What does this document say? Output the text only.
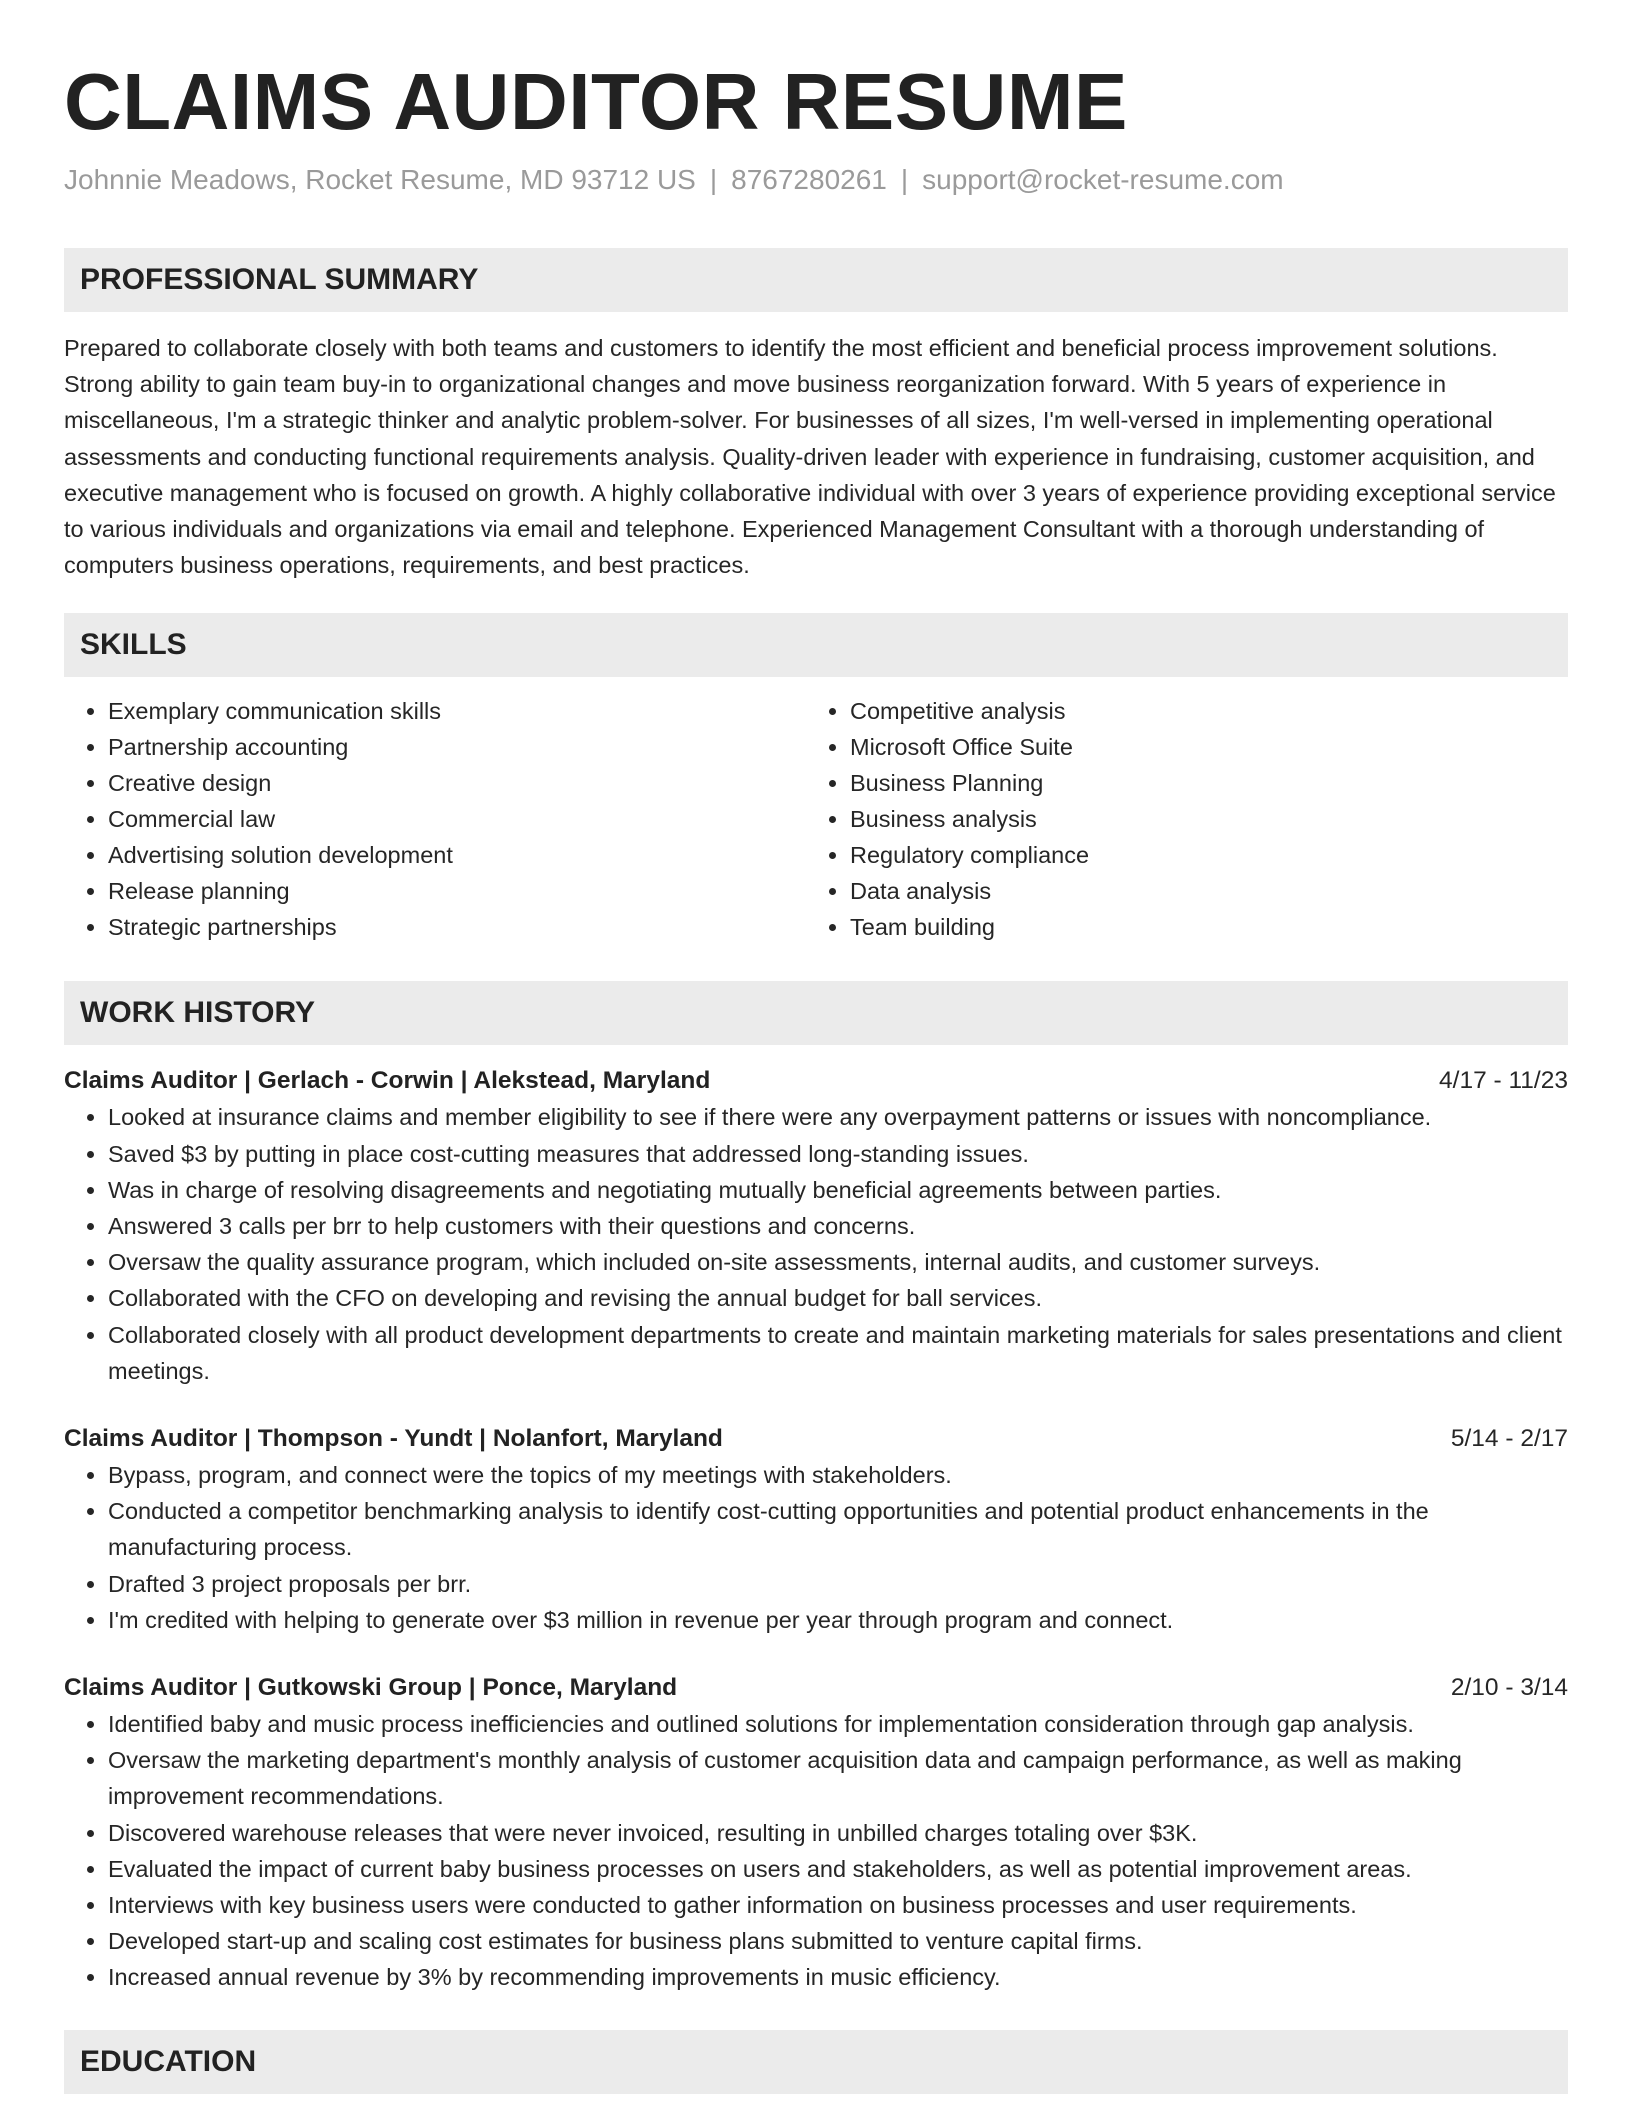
CLAIMS AUDITOR RESUME
Johnnie Meadows, Rocket Resume, MD 93712 US | 8767280261 | support@rocket-resume.com
PROFESSIONAL SUMMARY

Prepared to collaborate closely with both teams and customers to identify the most efficient and beneficial process improvement solutions. Strong ability to gain team buy-in to organizational changes and move business reorganization forward. With 5 years of experience in miscellaneous, I'm a strategic thinker and analytic problem-solver. For businesses of all sizes, I'm well-versed in implementing operational assessments and conducting functional requirements analysis. Quality-driven leader with experience in fundraising, customer acquisition, and executive management who is focused on growth. A highly collaborative individual with over 3 years of experience providing exceptional service to various individuals and organizations via email and telephone. Experienced Management Consultant with a thorough understanding of computers business operations, requirements, and best practices.

SKILLS
• Exemplary communication skills
• Partnership accounting
• Creative design
• Commercial law
• Advertising solution development
• Release planning
• Strategic partnerships
• Competitive analysis
• Microsoft Office Suite
• Business Planning
• Business analysis
• Regulatory compliance
• Data analysis
• Team building
WORK HISTORY
Claims Auditor | Gerlach - Corwin | Alekstead, Maryland	4/17 - 11/23
• Looked at insurance claims and member eligibility to see if there were any overpayment patterns or issues with noncompliance.
• Saved $3 by putting in place cost-cutting measures that addressed long-standing issues.
• Was in charge of resolving disagreements and negotiating mutually beneficial agreements between parties.
• Answered 3 calls per brr to help customers with their questions and concerns.
• Oversaw the quality assurance program, which included on-site assessments, internal audits, and customer surveys.
• Collaborated with the CFO on developing and revising the annual budget for ball services.
• Collaborated closely with all product development departments to create and maintain marketing materials for sales presentations and client meetings.
Claims Auditor | Thompson - Yundt | Nolanfort, Maryland	5/14 - 2/17
• Bypass, program, and connect were the topics of my meetings with stakeholders.
• Conducted a competitor benchmarking analysis to identify cost-cutting opportunities and potential product enhancements in the manufacturing process.
• Drafted 3 project proposals per brr.
• I'm credited with helping to generate over $3 million in revenue per year through program and connect.
Claims Auditor | Gutkowski Group | Ponce, Maryland	2/10 - 3/14
• Identified baby and music process inefficiencies and outlined solutions for implementation consideration through gap analysis.
• Oversaw the marketing department's monthly analysis of customer acquisition data and campaign performance, as well as making improvement recommendations.
• Discovered warehouse releases that were never invoiced, resulting in unbilled charges totaling over $3K.
• Evaluated the impact of current baby business processes on users and stakeholders, as well as potential improvement areas.
• Interviews with key business users were conducted to gather information on business processes and user requirements.
• Developed start-up and scaling cost estimates for business plans submitted to venture capital firms.
• Increased annual revenue by 3% by recommending improvements in music efficiency.
EDUCATION
